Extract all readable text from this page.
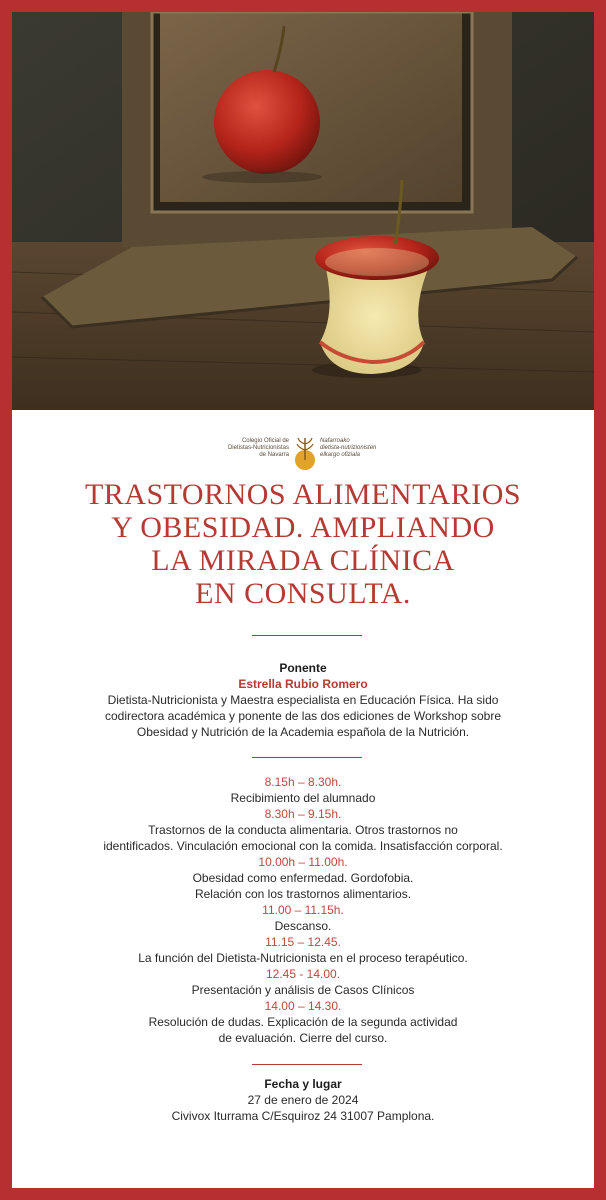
Colegio Oficial de
Dietistas-Nutricionistas
de Navarra
Nafarroako
dietista-nutrizionisten
elkargo ofiziala
TRASTORNOS ALIMENTARIOS
Y OBESIDAD. AMPLIANDO
LA MIRADA CLÍNICA
EN CONSULTA.
Ponente
Estrella Rubio Romero
Dietista-Nutricionista y Maestra especialista en Educación Física. Ha sido
codirectora académica y ponente de las dos ediciones de Workshop sobre
Obesidad y Nutrición de la Academia española de la Nutrición.
8.15h – 8.30h.
Recibimiento del alumnado
8.30h – 9.15h.
Trastornos de la conducta alimentaria. Otros trastornos no
identificados. Vinculación emocional con la comida. Insatisfacción corporal.
10.00h – 11.00h.
Obesidad como enfermedad. Gordofobia.
Relación con los trastornos alimentarios.
11.00 – 11.15h.
Descanso.
11.15 – 12.45.
La función del Dietista-Nutricionista en el proceso terapéutico.
12.45 - 14.00.
Presentación y análisis de Casos Clínicos
14.00 – 14.30.
Resolución de dudas. Explicación de la segunda actividad
de evaluación. Cierre del curso.
Fecha y lugar
27 de enero de 2024
Civivox Iturrama C/Esquiroz 24 31007 Pamplona.
